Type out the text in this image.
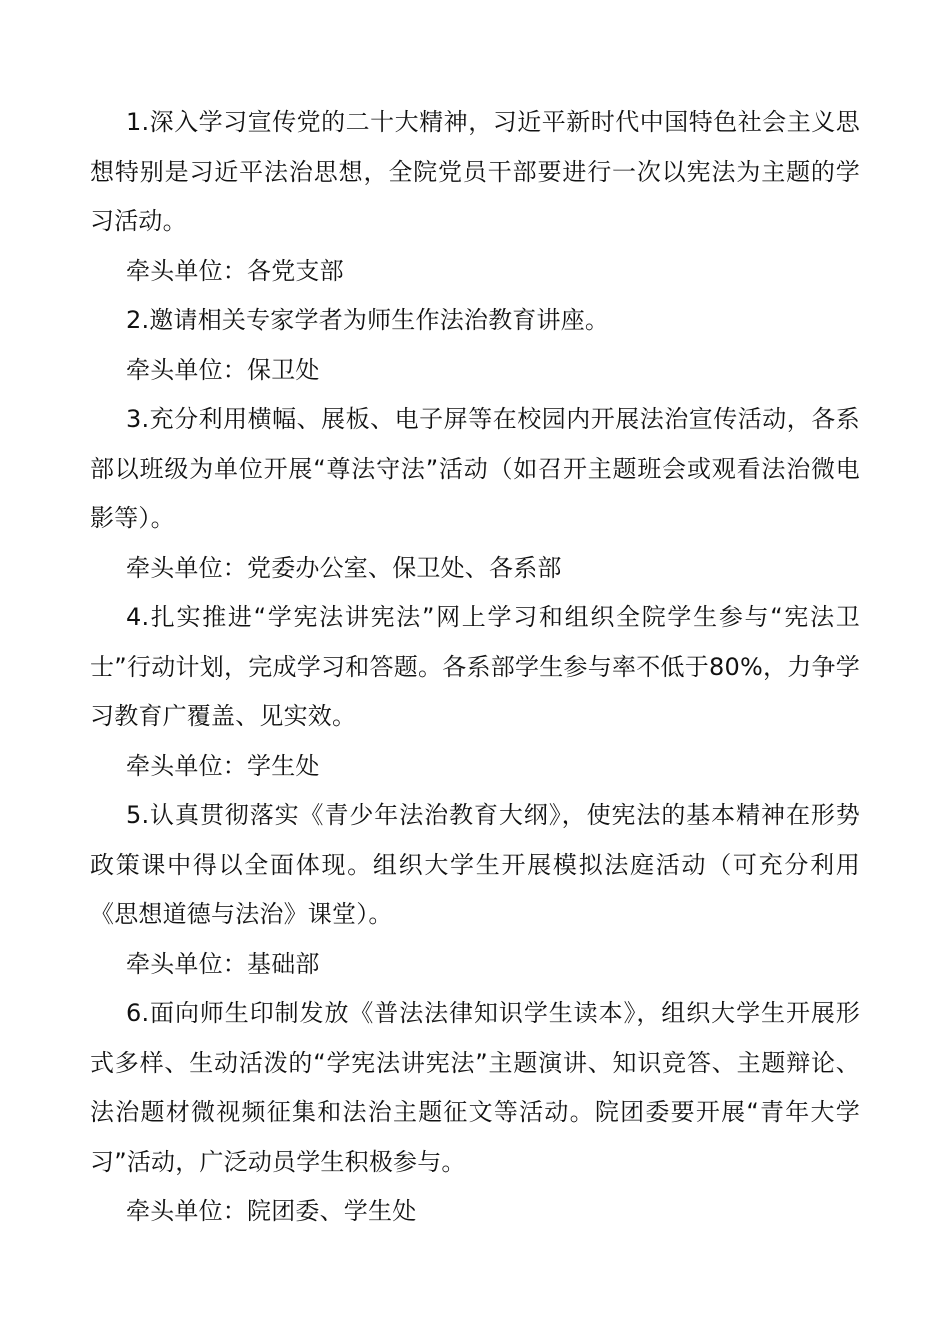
1.深入学习宣传党的二十大精神，习近平新时代中国特色社会主义思想特别是习近平法治思想，全院党员干部要进行一次以宪法为主题的学习活动。

牵头单位：各党支部

2.邀请相关专家学者为师生作法治教育讲座。

牵头单位：保卫处

3.充分利用横幅、展板、电子屏等在校园内开展法治宣传活动，各系部以班级为单位开展“尊法守法”活动（如召开主题班会或观看法治微电影等）。

牵头单位：党委办公室、保卫处、各系部

4.扎实推进“学宪法讲宪法”网上学习和组织全院学生参与“宪法卫士”行动计划，完成学习和答题。各系部学生参与率不低于80%，力争学习教育广覆盖、见实效。

牵头单位：学生处

5.认真贯彻落实《青少年法治教育大纲》，使宪法的基本精神在形势政策课中得以全面体现。组织大学生开展模拟法庭活动（可充分利用《思想道德与法治》课堂）。

牵头单位：基础部

6.面向师生印制发放《普法法律知识学生读本》，组织大学生开展形式多样、生动活泼的“学宪法讲宪法”主题演讲、知识竞答、主题辩论、法治题材微视频征集和法治主题征文等活动。院团委要开展“青年大学习”活动，广泛动员学生积极参与。

牵头单位：院团委、学生处
